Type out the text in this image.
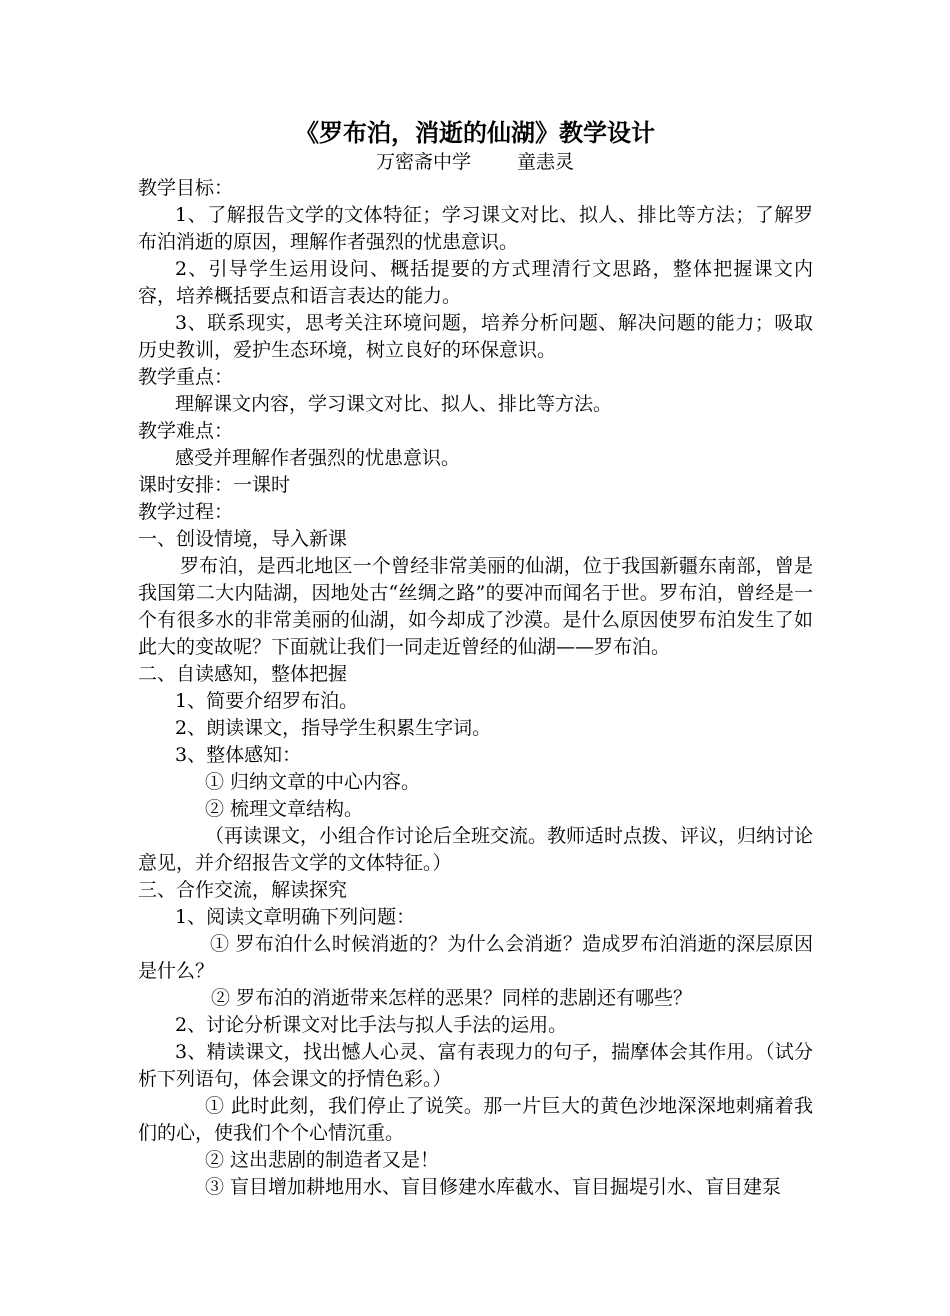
《罗布泊，消逝的仙湖》教学设计
万密斋中学 童恚灵
教学目标：
1、了解报告文学的文体特征；学习课文对比、拟人、排比等方法；了解罗布泊消逝的原因，理解作者强烈的忧患意识。
2、引导学生运用设问、概括提要的方式理清行文思路，整体把握课文内容，培养概括要点和语言表达的能力。
3、联系现实，思考关注环境问题，培养分析问题、解决问题的能力；吸取历史教训，爱护生态环境，树立良好的环保意识。
教学重点：
理解课文内容，学习课文对比、拟人、排比等方法。
教学难点：
感受并理解作者强烈的忧患意识。
课时安排：一课时
教学过程：
一、创设情境，导入新课
罗布泊，是西北地区一个曾经非常美丽的仙湖，位于我国新疆东南部，曾是我国第二大内陆湖，因地处古“丝绸之路”的要冲而闻名于世。罗布泊，曾经是一个有很多水的非常美丽的仙湖，如今却成了沙漠。是什么原因使罗布泊发生了如此大的变故呢？下面就让我们一同走近曾经的仙湖——罗布泊。
二、自读感知，整体把握
1、简要介绍罗布泊。
2、朗读课文，指导学生积累生字词。
3、整体感知：
① 归纳文章的中心内容。
② 梳理文章结构。
（再读课文，小组合作讨论后全班交流。教师适时点拨、评议，归纳讨论意见，并介绍报告文学的文体特征。）
三、合作交流，解读探究
1、阅读文章明确下列问题：
① 罗布泊什么时候消逝的？为什么会消逝？造成罗布泊消逝的深层原因是什么？
② 罗布泊的消逝带来怎样的恶果？同样的悲剧还有哪些？
2、讨论分析课文对比手法与拟人手法的运用。
3、精读课文，找出憾人心灵、富有表现力的句子，揣摩体会其作用。（试分析下列语句，体会课文的抒情色彩。）
① 此时此刻，我们停止了说笑。那一片巨大的黄色沙地深深地刺痛着我们的心，使我们个个心情沉重。
② 这出悲剧的制造者又是！
③ 盲目增加耕地用水、盲目修建水库截水、盲目掘堤引水、盲目建泵
